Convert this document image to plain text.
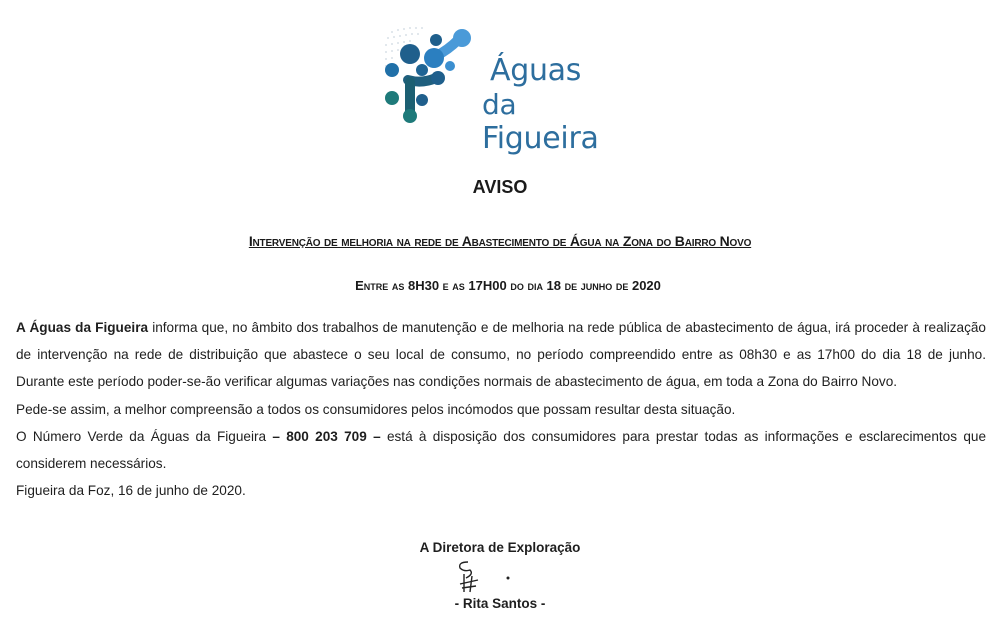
Águas
da Figueira
AVISO
Intervenção de melhoria na rede de Abastecimento de Água na Zona do Bairro Novo
Entre as 8H30 e as 17H00 do dia 18 de junho de 2020

A Águas da Figueira informa que, no âmbito dos trabalhos de manutenção e de melhoria na rede pública de abastecimento de água, irá proceder à realização

de intervenção na rede de distribuição que abastece o seu local de consumo, no período compreendido entre as 08h30 e as 17h00 do dia 18 de junho.

Durante este período poder-se-ão verificar algumas variações nas condições normais de abastecimento de água, em toda a Zona do Bairro Novo.

Pede-se assim, a melhor compreensão a todos os consumidores pelos incómodos que possam resultar desta situação.

O Número Verde da Águas da Figueira – 800 203 709 – está à disposição dos consumidores para prestar todas as informações e esclarecimentos que

considerem necessários.

Figueira da Foz, 16 de junho de 2020.

A Diretora de Exploração
- Rita Santos -
